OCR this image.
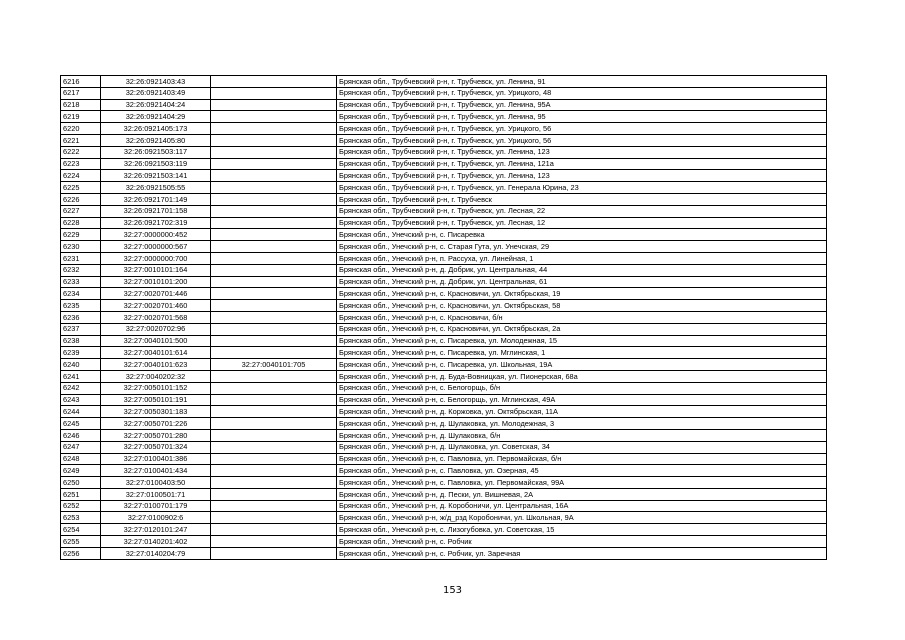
6216	32:26:0921403:43		Брянская обл., Трубчевский р-н, г. Трубчевск, ул. Ленина, 91
6217	32:26:0921403:49		Брянская обл., Трубчевский р-н, г. Трубчевск, ул. Урицкого, 48
6218	32:26:0921404:24		Брянская обл., Трубчевский р-н, г. Трубчевск, ул. Ленина, 95А
6219	32:26:0921404:29		Брянская обл., Трубчевский р-н, г. Трубчевск, ул. Ленина, 95
6220	32:26:0921405:173		Брянская обл., Трубчевский р-н, г. Трубчевск, ул. Урицкого, 56
6221	32:26:0921405:80		Брянская обл., Трубчевский р-н, г. Трубчевск, ул. Урицкого, 56
6222	32:26:0921503:117		Брянская обл., Трубчевский р-н, г. Трубчевск, ул. Ленина, 123
6223	32:26:0921503:119		Брянская обл., Трубчевский р-н, г. Трубчевск, ул. Ленина, 121а
6224	32:26:0921503:141		Брянская обл., Трубчевский р-н, г. Трубчевск, ул. Ленина, 123
6225	32:26:0921505:55		Брянская обл., Трубчевский р-н, г. Трубчевск, ул. Генерала Юрина, 23
6226	32:26:0921701:149		Брянская обл., Трубчевский р-н, г. Трубчевск
6227	32:26:0921701:158		Брянская обл., Трубчевский р-н, г. Трубчевск, ул. Лесная, 22
6228	32:26:0921702:319		Брянская обл., Трубчевский р-н, г. Трубчевск, ул. Лесная, 12
6229	32:27:0000000:452		Брянская обл., Унечский р-н, с. Писаревка
6230	32:27:0000000:567		Брянская обл., Унечский р-н, с. Старая Гута, ул. Унечская, 29
6231	32:27:0000000:700		Брянская обл., Унечский р-н, п. Рассуха, ул. Линейная, 1
6232	32:27:0010101:164		Брянская обл., Унечский р-н, д. Добрик, ул. Центральная, 44
6233	32:27:0010101:200		Брянская обл., Унечский р-н, д. Добрик, ул. Центральная, 61
6234	32:27:0020701:446		Брянская обл., Унечский р-н, с. Красновичи, ул. Октябрьская, 19
6235	32:27:0020701:460		Брянская обл., Унечский р-н, с. Красновичи, ул. Октябрьская, 58
6236	32:27:0020701:568		Брянская обл., Унечский р-н, с. Красновичи, б/н
6237	32:27:0020702:96		Брянская обл., Унечский р-н, с. Красновичи, ул. Октябрьская, 2а
6238	32:27:0040101:500		Брянская обл., Унечский р-н, с. Писаревка, ул. Молодежная, 15
6239	32:27:0040101:614		Брянская обл., Унечский р-н, с. Писаревка, ул. Мглинская, 1
6240	32:27:0040101:623	32:27:0040101:705	Брянская обл., Унечский р-н, с. Писаревка, ул. Школьная, 19А
6241	32:27:0040202:32		Брянская обл., Унечский р-н, д. Буда-Вовницкая, ул. Пионерская, 68а
6242	32:27:0050101:152		Брянская обл., Унечский р-н, с. Белогорщь, б/н
6243	32:27:0050101:191		Брянская обл., Унечский р-н, с. Белогорщь, ул. Мглинская, 49А
6244	32:27:0050301:183		Брянская обл., Унечский р-н, д. Коржовка, ул. Октябрьская, 11А
6245	32:27:0050701:226		Брянская обл., Унечский р-н, д. Шулаковка, ул. Молодежная, 3
6246	32:27:0050701:280		Брянская обл., Унечский р-н, д. Шулаковка, б/н
6247	32:27:0050701:324		Брянская обл., Унечский р-н, д. Шулаковка, ул. Советская, 34
6248	32:27:0100401:386		Брянская обл., Унечский р-н, с. Павловка, ул. Первомайская, б/н
6249	32:27:0100401:434		Брянская обл., Унечский р-н, с. Павловка, ул. Озерная, 45
6250	32:27:0100403:50		Брянская обл., Унечский р-н, с. Павловка, ул. Первомайская, 99А
6251	32:27:0100501:71		Брянская обл., Унечский р-н, д. Пески, ул. Вишневая, 2А
6252	32:27:0100701:179		Брянская обл., Унечский р-н, д. Коробоничи, ул. Центральная, 16А
6253	32:27:0100902:6		Брянская обл., Унечский р-н, ж/д_рзд Коробоничи, ул. Школьная, 9А
6254	32:27:0120101:247		Брянская обл., Унечский р-н, с. Лизогубовка, ул. Советская, 15
6255	32:27:0140201:402		Брянская обл., Унечский р-н, с. Робчик
6256	32:27:0140204:79		Брянская обл., Унечский р-н, с. Робчик, ул. Заречная
153
